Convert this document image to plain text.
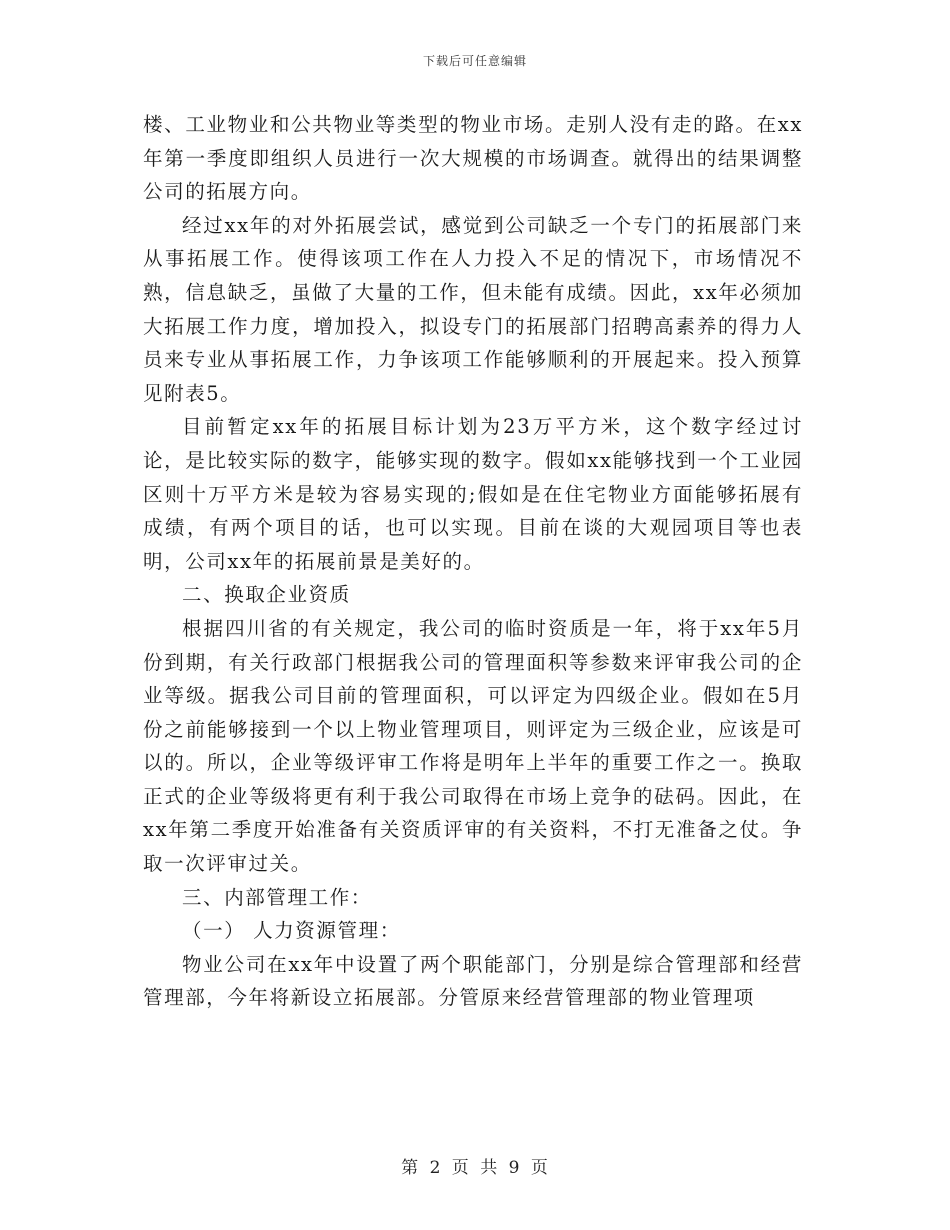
下载后可任意编辑

楼、工业物业和公共物业等类型的物业市场。走别人没有走的路。在xx年第一季度即组织人员进行一次大规模的市场调查。就得出的结果调整公司的拓展方向。

经过xx年的对外拓展尝试，感觉到公司缺乏一个专门的拓展部门来从事拓展工作。使得该项工作在人力投入不足的情况下，市场情况不熟，信息缺乏，虽做了大量的工作，但未能有成绩。因此，xx年必须加大拓展工作力度，增加投入，拟设专门的拓展部门招聘高素养的得力人员来专业从事拓展工作，力争该项工作能够顺利的开展起来。投入预算见附表5。

目前暂定xx年的拓展目标计划为23万平方米，这个数字经过讨论，是比较实际的数字，能够实现的数字。假如xx能够找到一个工业园区则十万平方米是较为容易实现的;假如是在住宅物业方面能够拓展有成绩，有两个项目的话，也可以实现。目前在谈的大观园项目等也表明，公司xx年的拓展前景是美好的。

二、换取企业资质

根据四川省的有关规定，我公司的临时资质是一年，将于xx年5月份到期，有关行政部门根据我公司的管理面积等参数来评审我公司的企业等级。据我公司目前的管理面积，可以评定为四级企业。假如在5月份之前能够接到一个以上物业管理项目，则评定为三级企业，应该是可以的。所以，企业等级评审工作将是明年上半年的重要工作之一。换取正式的企业等级将更有利于我公司取得在市场上竞争的砝码。因此，在xx年第二季度开始准备有关资质评审的有关资料，不打无准备之仗。争取一次评审过关。

三、内部管理工作：

（一） 人力资源管理：

物业公司在xx年中设置了两个职能部门，分别是综合管理部和经营管理部，今年将新设立拓展部。分管原来经营管理部的物业管理项

第 2 页 共 9 页
